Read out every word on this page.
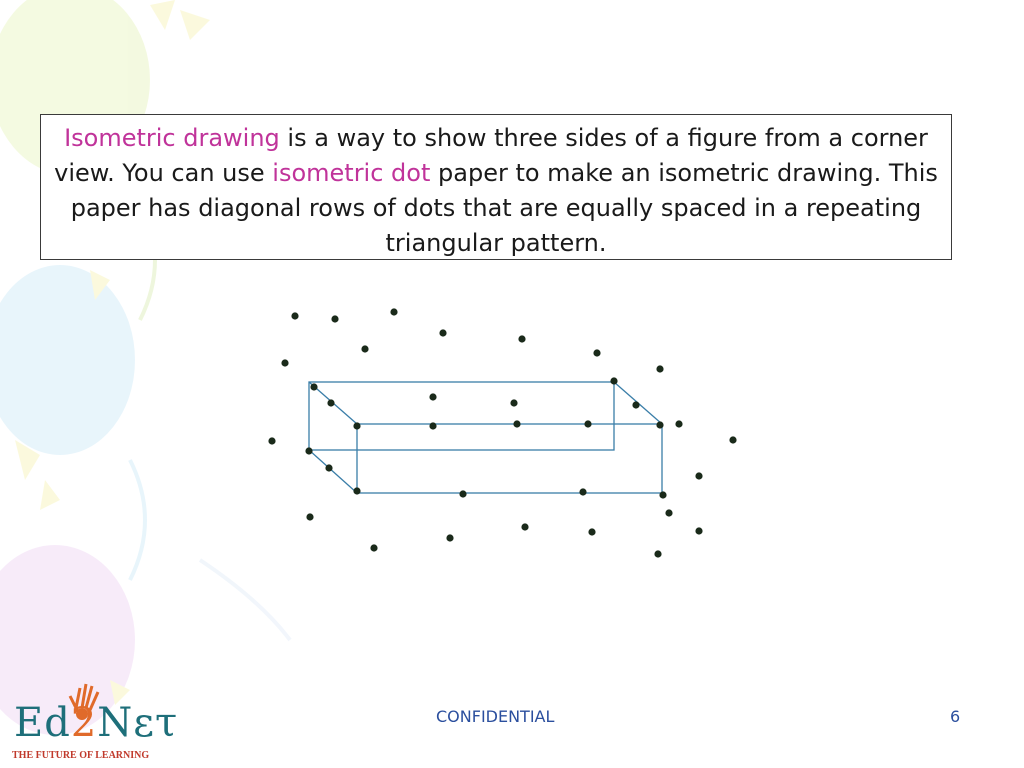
Isometric drawing is a way to show three sides of a figure from a corner view. You can use isometric dot paper to make an isometric drawing. This paper has diagonal rows of dots that are equally spaced in a repeating triangular pattern.
Ed2Nετ
THE FUTURE OF LEARNING
CONFIDENTIAL	6
